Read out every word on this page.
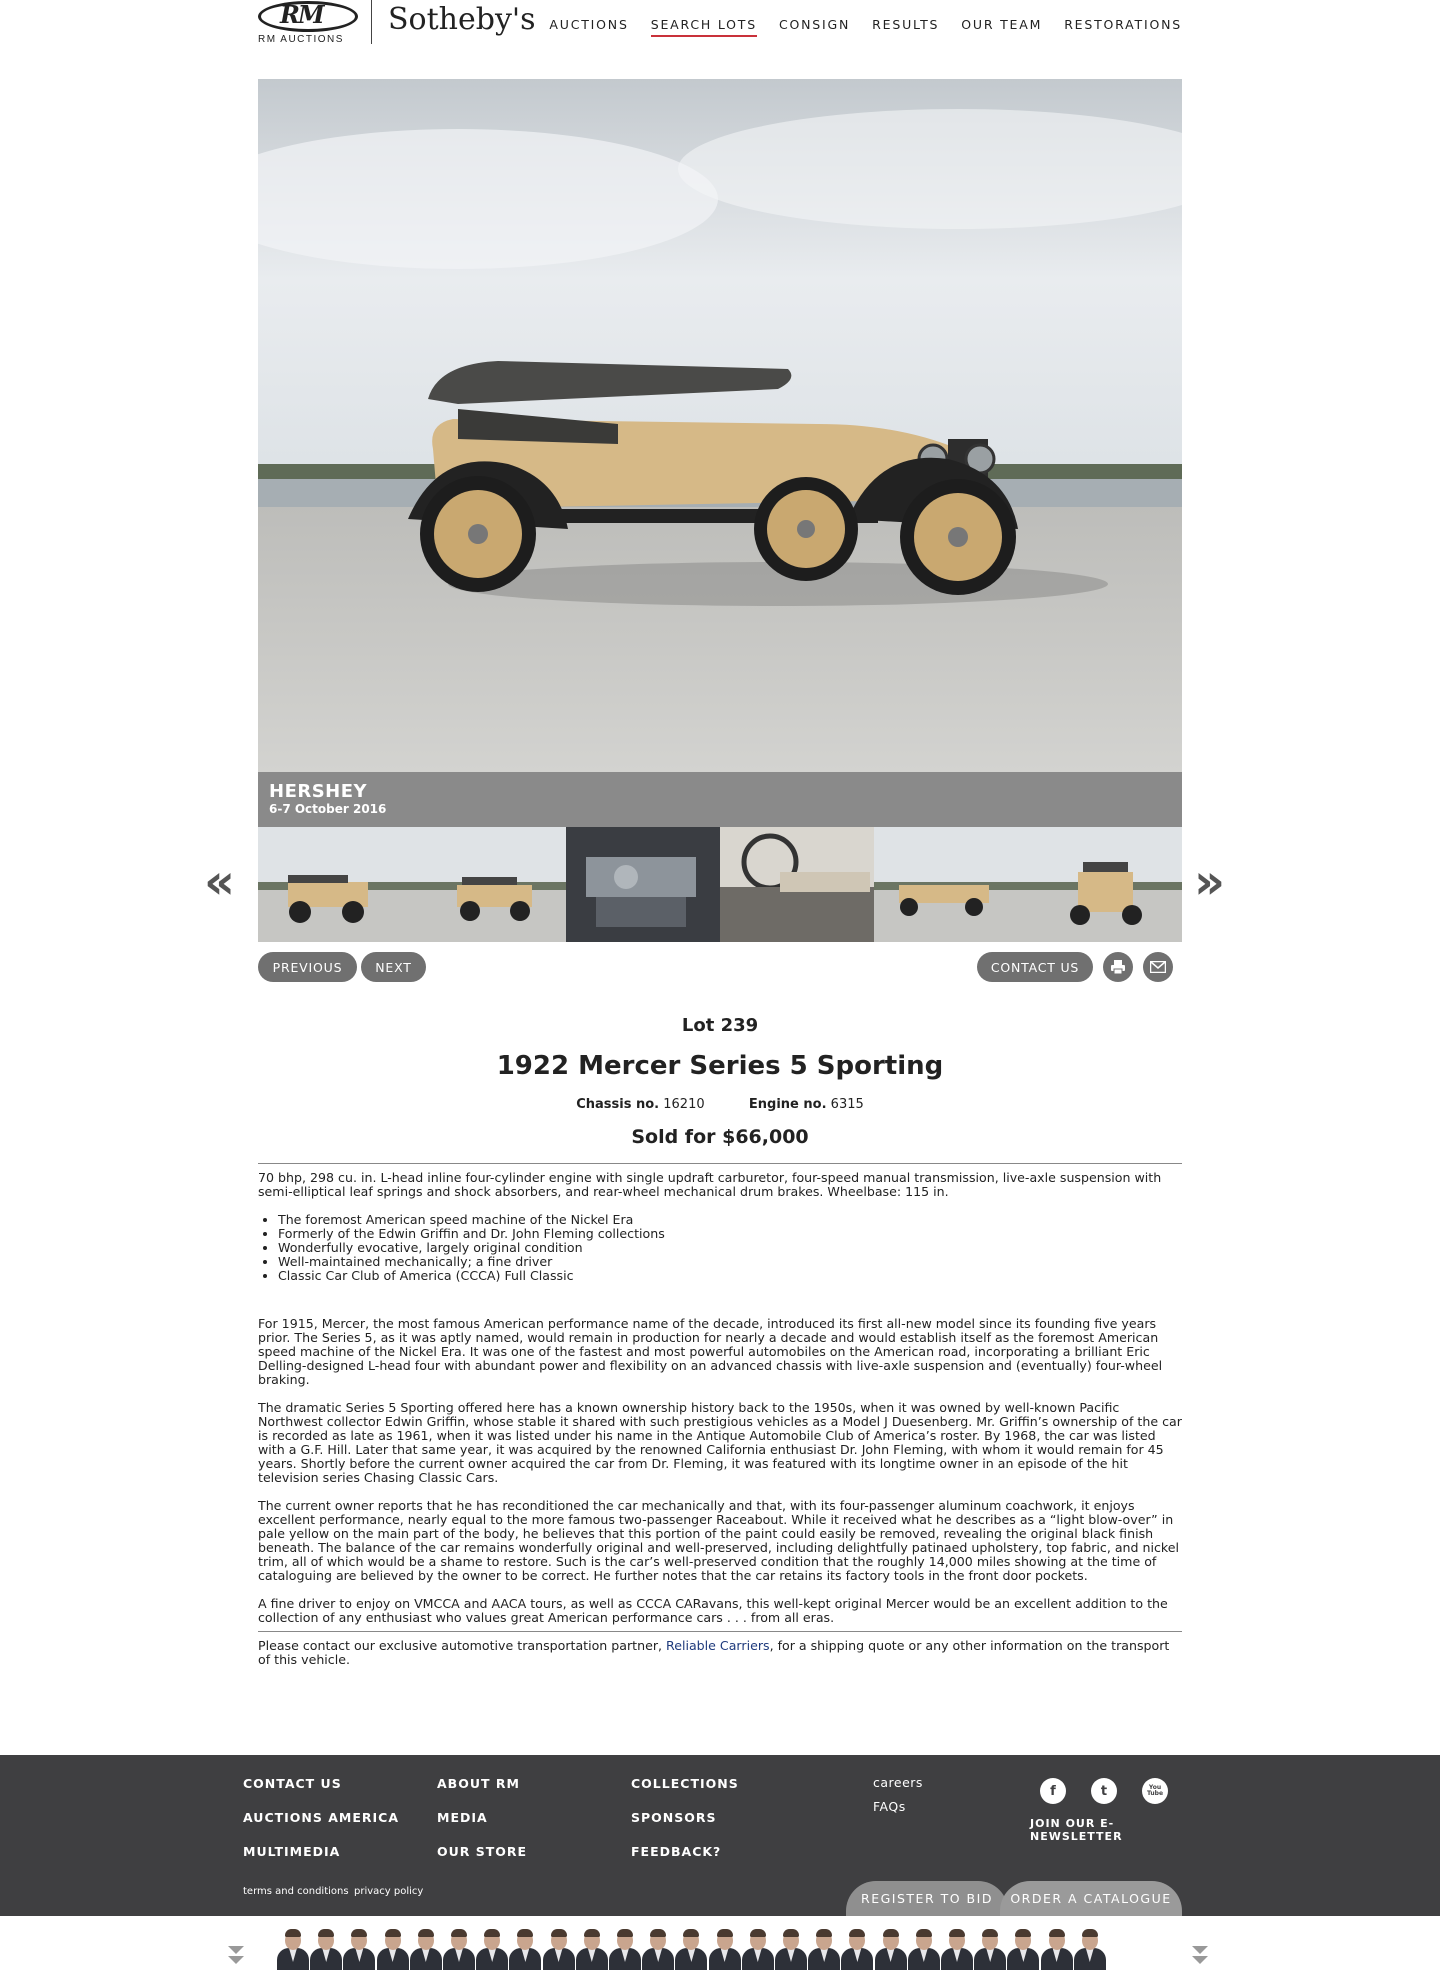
RM
RM AUCTIONS
Sotheby's AUCTIONS SEARCH LOTS CONSIGN RESULTS OUR TEAM RESTORATIONS
HERSHEY
6-7 October 2016
«	»
PREVIOUS	NEXT	CONTACT US
Lot 239
1922 Mercer Series 5 Sporting
Chassis no. 16210	Engine no. 6315
Sold for $66,000

70 bhp, 298 cu. in. L-head inline four-cylinder engine with single updraft carburetor, four-speed manual transmission, live-axle suspension with semi-elliptical leaf springs and shock absorbers, and rear-wheel mechanical drum brakes. Wheelbase: 115 in.

• The foremost American speed machine of the Nickel Era
• Formerly of the Edwin Griffin and Dr. John Fleming collections
• Wonderfully evocative, largely original condition
• Well-maintained mechanically; a fine driver
• Classic Car Club of America (CCCA) Full Classic

For 1915, Mercer, the most famous American performance name of the decade, introduced its first all-new model since its founding five years prior. The Series 5, as it was aptly named, would remain in production for nearly a decade and would establish itself as the foremost American speed machine of the Nickel Era. It was one of the fastest and most powerful automobiles on the American road, incorporating a brilliant Eric Delling-designed L-head four with abundant power and flexibility on an advanced chassis with live-axle suspension and (eventually) four-wheel braking.

The dramatic Series 5 Sporting offered here has a known ownership history back to the 1950s, when it was owned by well-known Pacific Northwest collector Edwin Griffin, whose stable it shared with such prestigious vehicles as a Model J Duesenberg. Mr. Griffin’s ownership of the car is recorded as late as 1961, when it was listed under his name in the Antique Automobile Club of America’s roster. By 1968, the car was listed with a G.F. Hill. Later that same year, it was acquired by the renowned California enthusiast Dr. John Fleming, with whom it would remain for 45 years. Shortly before the current owner acquired the car from Dr. Fleming, it was featured with its longtime owner in an episode of the hit television series Chasing Classic Cars.

The current owner reports that he has reconditioned the car mechanically and that, with its four-passenger aluminum coachwork, it enjoys excellent performance, nearly equal to the more famous two-passenger Raceabout. While it received what he describes as a “light blow-over” in pale yellow on the main part of the body, he believes that this portion of the paint could easily be removed, revealing the original black finish beneath. The balance of the car remains wonderfully original and well-preserved, including delightfully patinaed upholstery, top fabric, and nickel trim, all of which would be a shame to restore. Such is the car’s well-preserved condition that the roughly 14,000 miles showing at the time of cataloguing are believed by the owner to be correct. He further notes that the car retains its factory tools in the front door pockets.

A fine driver to enjoy on VMCCA and AACA tours, as well as CCCA CARavans, this well-kept original Mercer would be an excellent addition to the collection of any enthusiast who values great American performance cars . . . from all eras.

Please contact our exclusive automotive transportation partner, Reliable Carriers, for a shipping quote or any other information on the transport of this vehicle.
CONTACT US
AUCTIONS AMERICA
MULTIMEDIA
ABOUT RM
MEDIA
OUR STORE
COLLECTIONS
SPONSORS
FEEDBACK?
careers
FAQs
f	t	You Tube
JOIN OUR E-NEWSLETTER
terms and conditions privacy policy	REGISTER TO BID	ORDER A CATALOGUE
